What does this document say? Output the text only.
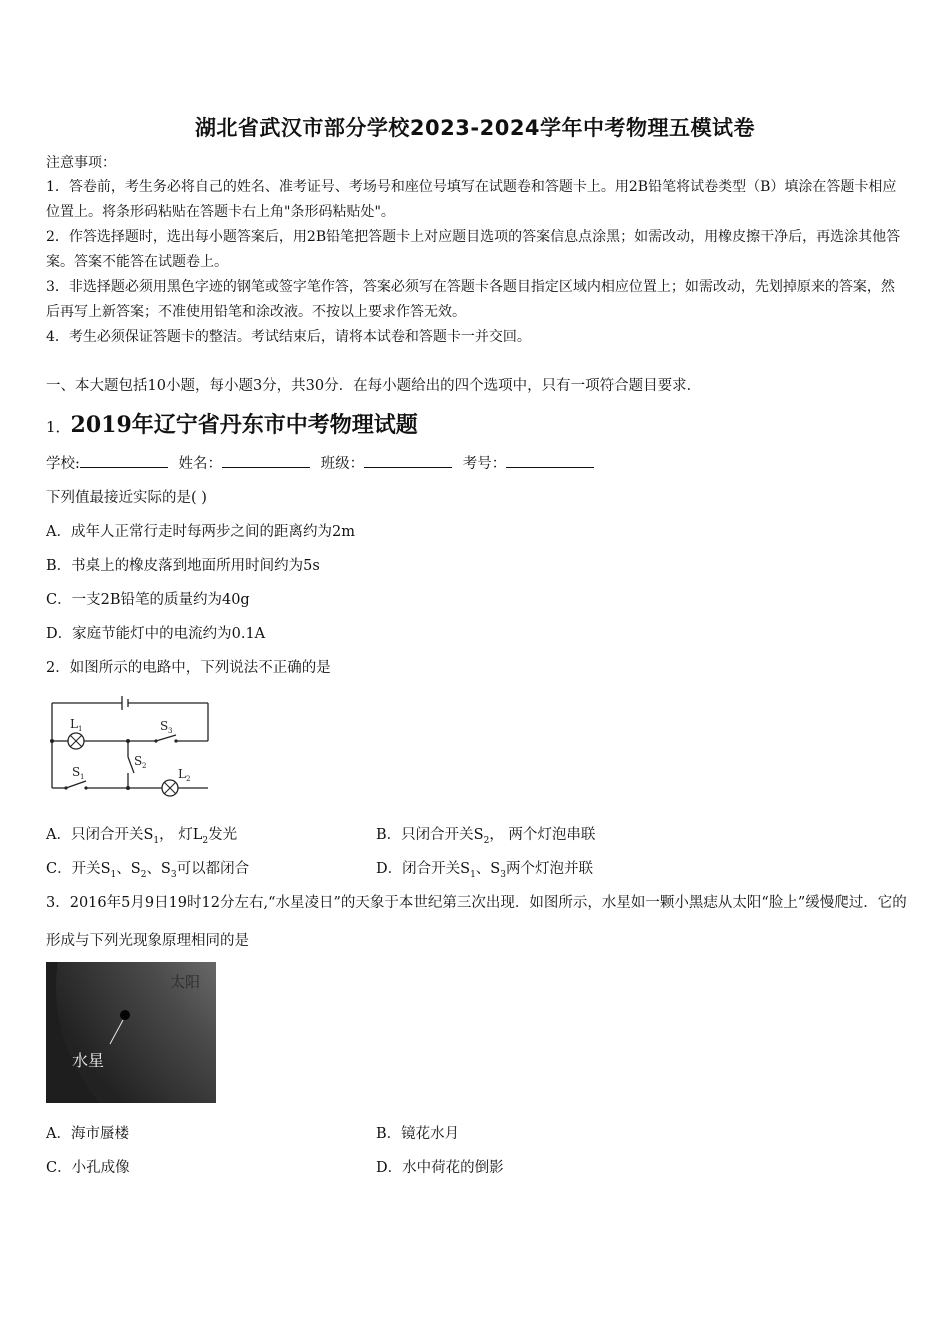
湖北省武汉市部分学校2023-2024学年中考物理五模试卷
注意事项：
1．答卷前，考生务必将自己的姓名、准考证号、考场号和座位号填写在试题卷和答题卡上。用2B铅笔将试卷类型（B）填涂在答题卡相应位置上。将条形码粘贴在答题卡右上角"条形码粘贴处"。
2．作答选择题时，选出每小题答案后，用2B铅笔把答题卡上对应题目选项的答案信息点涂黑；如需改动，用橡皮擦干净后，再选涂其他答案。答案不能答在试题卷上。
3．非选择题必须用黑色字迹的钢笔或签字笔作答，答案必须写在答题卡各题目指定区域内相应位置上；如需改动，先划掉原来的答案，然后再写上新答案；不准使用铅笔和涂改液。不按以上要求作答无效。
4．考生必须保证答题卡的整洁。考试结束后，请将本试卷和答题卡一并交回。
一、本大题包括10小题，每小题3分，共30分．在每小题给出的四个选项中，只有一项符合题目要求．
1．2019年辽宁省丹东市中考物理试题
学校:	姓名：	班级：	考号：
下列值最接近实际的是( )
A．成年人正常行走时每两步之间的距离约为2m
B．书桌上的橡皮落到地面所用时间约为5s
C．一支2B铅笔的质量约为40g
D．家庭节能灯中的电流约为0.1A
2．如图所示的电路中，下列说法不正确的是
L 1	S 3
S 2
S 1	L 2
A．只闭合开关$S_1$， 灯$L_2$发光	B．只闭合开关$S_2$， 两个灯泡串联
C．开关$S_1$、$S_2$、$S_3$可以都闭合	D．闭合开关$S_1$、$S_3$两个灯泡并联
3．2016年5月9日19时12分左右,“水星凌日”的天象于本世纪第三次出现．如图所示，水星如一颗小黑痣从太阳“脸上”缓慢爬过．它的形成与下列光现象原理相同的是
太阳
水星
A．海市蜃楼	B．镜花水月
C．小孔成像	D．水中荷花的倒影
